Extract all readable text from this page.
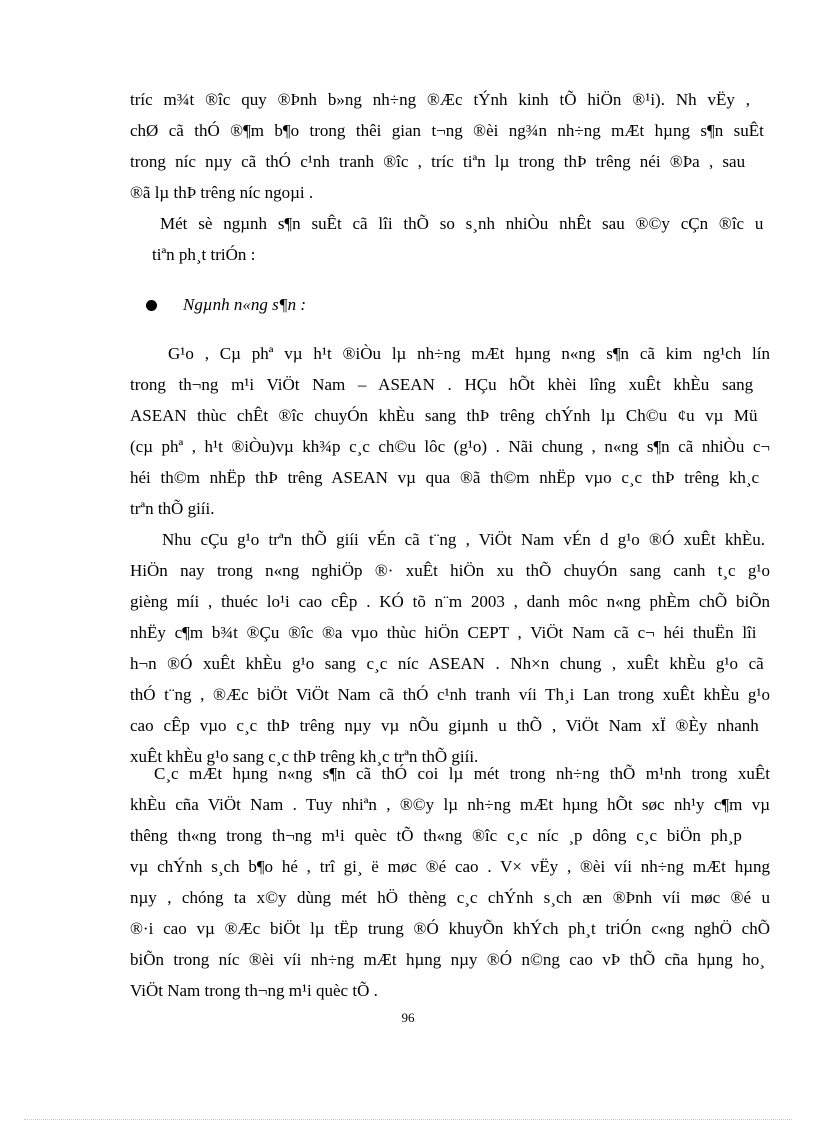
tríc m¾t ®îc quy ®Þnh b»ng nh÷ng ®Æc tÝnh kinh tÕ hiÖn ®¹i). Nh vËy ,
chØ cã thÓ ®¶m b¶o trong thêi gian t¬ng ®èi ng¾n nh÷ng mÆt hµng s¶n suÊt
trong níc nµy cã thÓ c¹nh tranh ®îc , tríc tiªn lµ trong thÞ trêng néi ®Þa , sau
®ã lµ thÞ trêng níc ngoµi .
Mét sè ngµnh s¶n suÊt cã lîi thÕ so s¸nh nhiÒu nhÊt sau ®©y cÇn ®îc u
tiªn ph¸t triÓn :
Ngµnh n«ng s¶n :
G¹o , Cµ phª vµ h¹t ®iÒu lµ nh÷ng mÆt hµng n«ng s¶n cã kim ng¹ch lín
trong th¬ng m¹i ViÖt Nam – ASEAN . HÇu hÕt khèi lîng xuÊt khÈu sang
ASEAN thùc chÊt ®îc chuyÓn khÈu sang thÞ trêng chÝnh lµ Ch©u ¢u vµ Mü
(cµ phª , h¹t ®iÒu)vµ kh¾p c¸c ch©u lôc (g¹o) . Nãi chung , n«ng s¶n cã nhiÒu c¬
héi th©m nhËp thÞ trêng ASEAN vµ qua ®ã th©m nhËp vµo c¸c thÞ trêng kh¸c
trªn thÕ giíi.
Nhu cÇu g¹o trªn thÕ giíi vÉn cã t¨ng , ViÖt Nam vÉn d g¹o ®Ó xuÊt khÈu.
HiÖn nay trong n«ng nghiÖp ®· xuÊt hiÖn xu thÕ chuyÓn sang canh t¸c g¹o
gièng míi , thuéc lo¹i cao cÊp . KÓ tõ n¨m 2003 , danh môc n«ng phÈm chÕ biÕn
nhËy c¶m b¾t ®Çu ®îc ®a vµo thùc hiÖn CEPT , ViÖt Nam cã c¬ héi thuËn lîi
h¬n ®Ó xuÊt khÈu g¹o sang c¸c níc ASEAN . Nh×n chung , xuÊt khÈu g¹o cã
thÓ t¨ng , ®Æc biÖt ViÖt Nam cã thÓ c¹nh tranh víi Th¸i Lan trong xuÊt khÈu g¹o
cao cÊp vµo c¸c thÞ trêng nµy vµ nÕu giµnh u thÕ , ViÖt Nam xÏ ®Èy nhanh
xuÊt khÈu g¹o sang c¸c thÞ trêng kh¸c trªn thÕ giíi.
C¸c mÆt hµng n«ng s¶n cã thÓ coi lµ mét trong nh÷ng thÕ m¹nh trong xuÊt
khÈu cña ViÖt Nam . Tuy nhiªn , ®©y lµ nh÷ng mÆt hµng hÕt søc nh¹y c¶m vµ
thêng th«ng trong th¬ng m¹i quèc tÕ th«ng ®îc c¸c níc ¸p dông c¸c biÖn ph¸p
vµ chÝnh s¸ch b¶o hé , trî gi¸ ë møc ®é cao . V× vËy , ®èi víi nh÷ng mÆt hµng
nµy , chóng ta x©y dùng mét hÖ thèng c¸c chÝnh s¸ch æn ®Þnh víi møc ®é u
®·i cao vµ ®Æc biÖt lµ tËp trung ®Ó khuyÕn khÝch ph¸t triÓn c«ng nghÖ chÕ
biÕn trong níc ®èi víi nh÷ng mÆt hµng nµy ®Ó n©ng cao vÞ thÕ cña hµng ho¸
ViÖt Nam trong th¬ng m¹i quèc tÕ .
96
